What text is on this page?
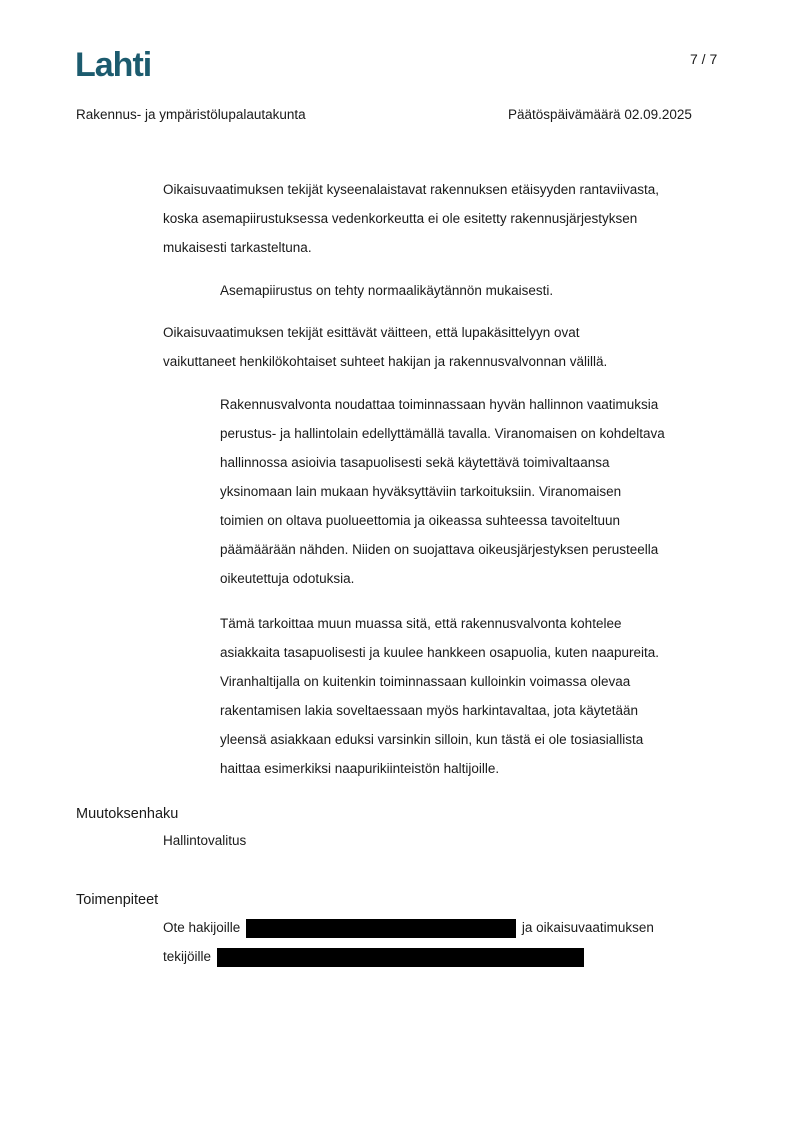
Lahti	7 / 7
Rakennus- ja ympäristölupalautakunta	Päätöspäivämäärä 02.09.2025
Oikaisuvaatimuksen tekijät kyseenalaistavat rakennuksen etäisyyden rantaviivasta,
koska asemapiirustuksessa vedenkorkeutta ei ole esitetty rakennusjärjestyksen
mukaisesti tarkasteltuna.
Asemapiirustus on tehty normaalikäytännön mukaisesti.
Oikaisuvaatimuksen tekijät esittävät väitteen, että lupakäsittelyyn ovat
vaikuttaneet henkilökohtaiset suhteet hakijan ja rakennusvalvonnan välillä.
Rakennusvalvonta noudattaa toiminnassaan hyvän hallinnon vaatimuksia
perustus- ja hallintolain edellyttämällä tavalla. Viranomaisen on kohdeltava
hallinnossa asioivia tasapuolisesti sekä käytettävä toimivaltaansa
yksinomaan lain mukaan hyväksyttäviin tarkoituksiin. Viranomaisen
toimien on oltava puolueettomia ja oikeassa suhteessa tavoiteltuun
päämäärään nähden. Niiden on suojattava oikeusjärjestyksen perusteella
oikeutettuja odotuksia.
Tämä tarkoittaa muun muassa sitä, että rakennusvalvonta kohtelee
asiakkaita tasapuolisesti ja kuulee hankkeen osapuolia, kuten naapureita.
Viranhaltijalla on kuitenkin toiminnassaan kulloinkin voimassa olevaa
rakentamisen lakia soveltaessaan myös harkintavaltaa, jota käytetään
yleensä asiakkaan eduksi varsinkin silloin, kun tästä ei ole tosiasiallista
haittaa esimerkiksi naapurikiinteistön haltijoille.
Muutoksenhaku
Hallintovalitus
Toimenpiteet
Ote hakijoille	ja oikaisuvaatimuksen
tekijöille
